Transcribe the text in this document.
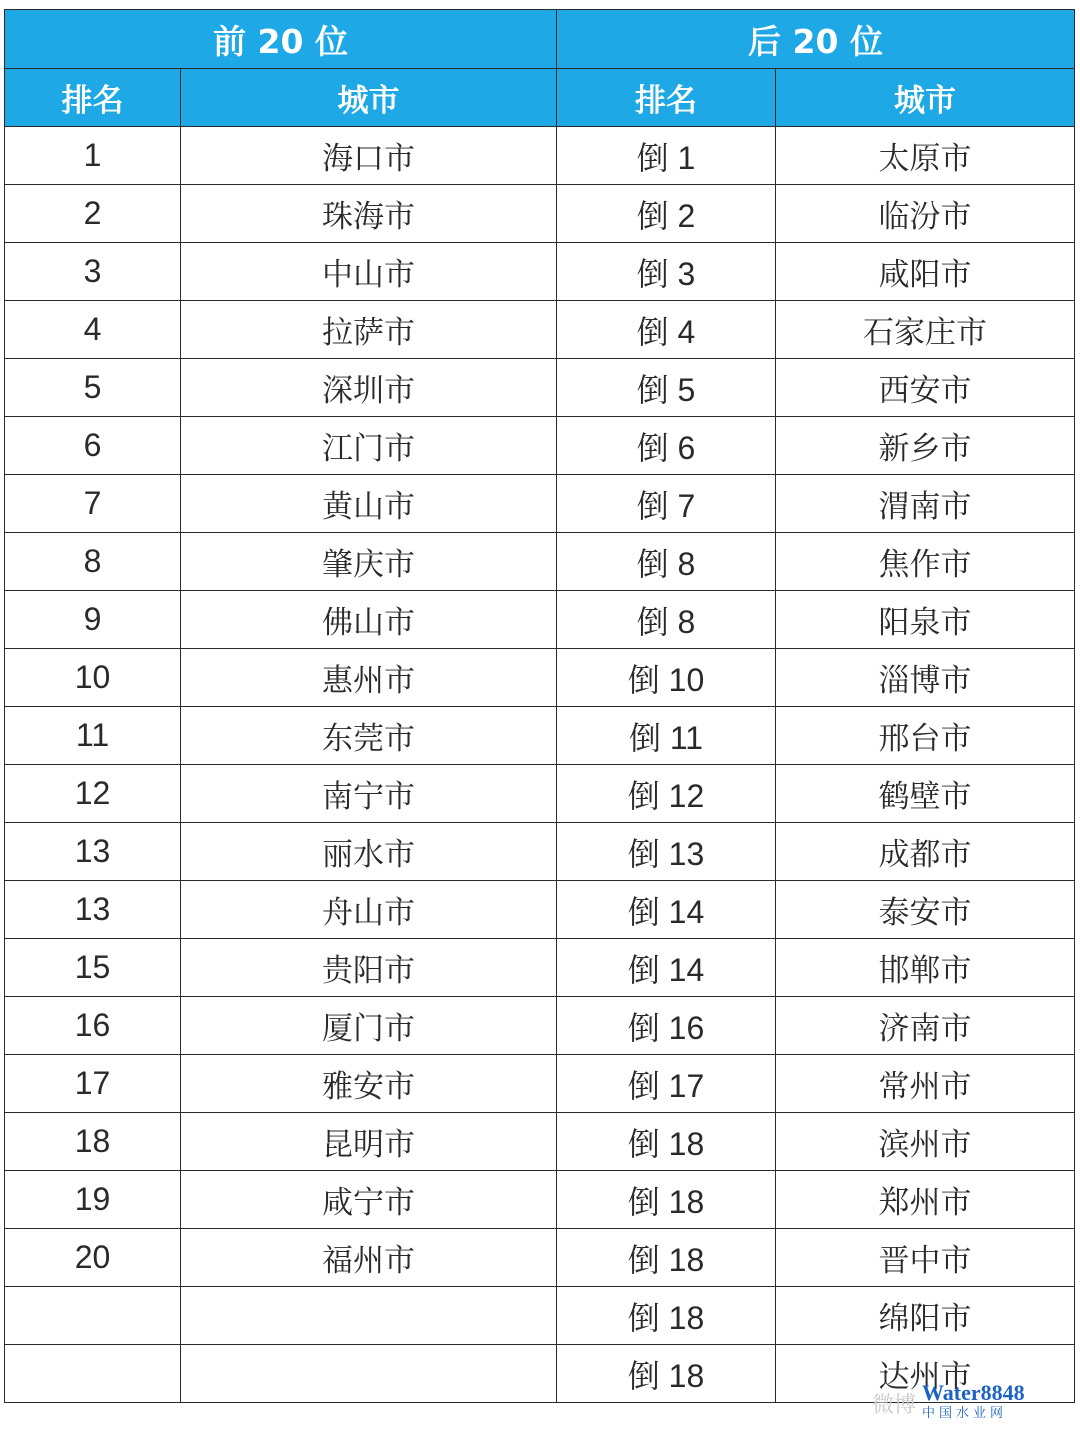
前 20 位		后 20 位	
排名	城市	排名	城市
1	海口市	倒 1	太原市
2	珠海市	倒 2	临汾市
3	中山市	倒 3	咸阳市
4	拉萨市	倒 4	石家庄市
5	深圳市	倒 5	西安市
6	江门市	倒 6	新乡市
7	黄山市	倒 7	渭南市
8	肇庆市	倒 8	焦作市
9	佛山市	倒 8	阳泉市
10	惠州市	倒 10	淄博市
11	东莞市	倒 11	邢台市
12	南宁市	倒 12	鹤壁市
13	丽水市	倒 13	成都市
13	舟山市	倒 14	泰安市
15	贵阳市	倒 14	邯郸市
16	厦门市	倒 16	济南市
17	雅安市	倒 17	常州市
18	昆明市	倒 18	滨州市
19	咸宁市	倒 18	郑州市
20	福州市	倒 18	晋中市
		倒 18	绵阳市
		倒 18	达州市
微博
Water8848
中国水业网
